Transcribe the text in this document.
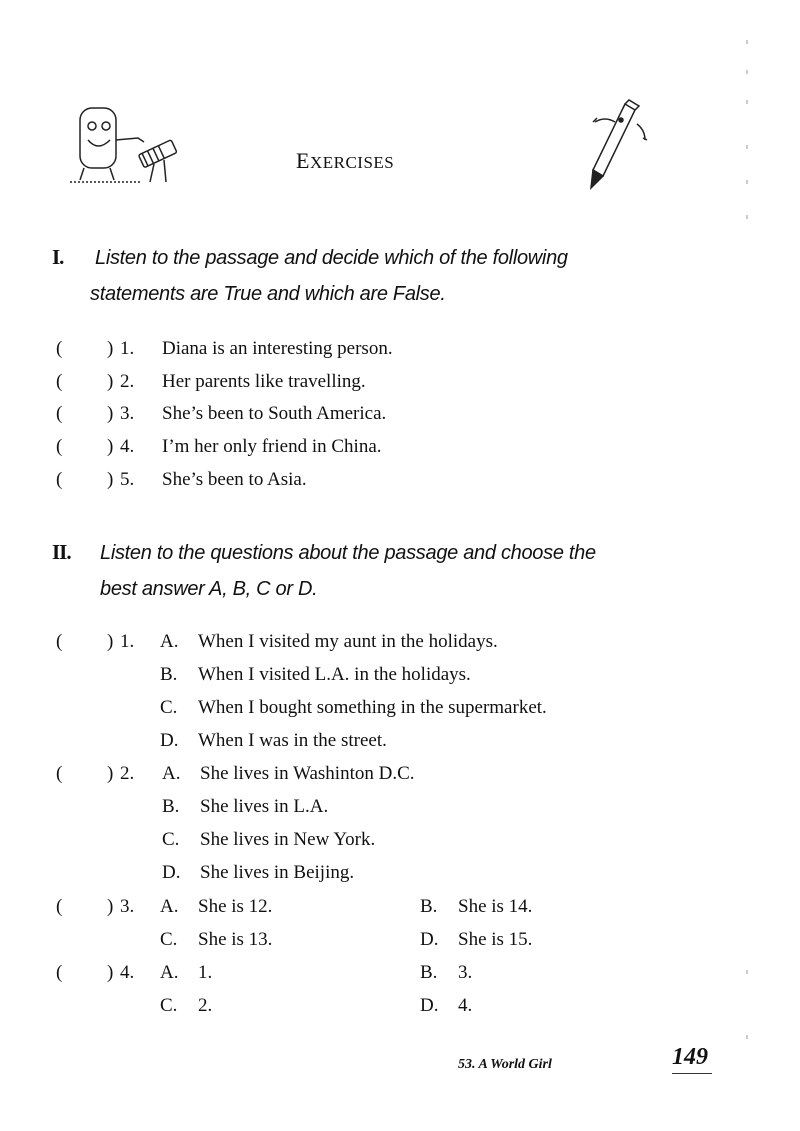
EXERCISES
I. Listen to the passage and decide which of the following
statements are True and which are False.
( ) 1. Diana is an interesting person.
( ) 2. Her parents like travelling.
( ) 3. She’s been to South America.
( ) 4. I’m her only friend in China.
( ) 5. She’s been to Asia.
II. Listen to the questions about the passage and choose the
best answer A, B, C or D.
( ) 1. A. When I visited my aunt in the holidays.
B. When I visited L.A. in the holidays.
C. When I bought something in the supermarket.
D. When I was in the street.
( ) 2. A. She lives in Washinton D.C.
B. She lives in L.A.
C. She lives in New York.
D. She lives in Beijing.
( ) 3. A. She is 12.	B. She is 14.
C. She is 13.	D. She is 15.
( ) 4. A. 1.	B. 3.
C. 2.	D. 4.
53. A World Girl	149
